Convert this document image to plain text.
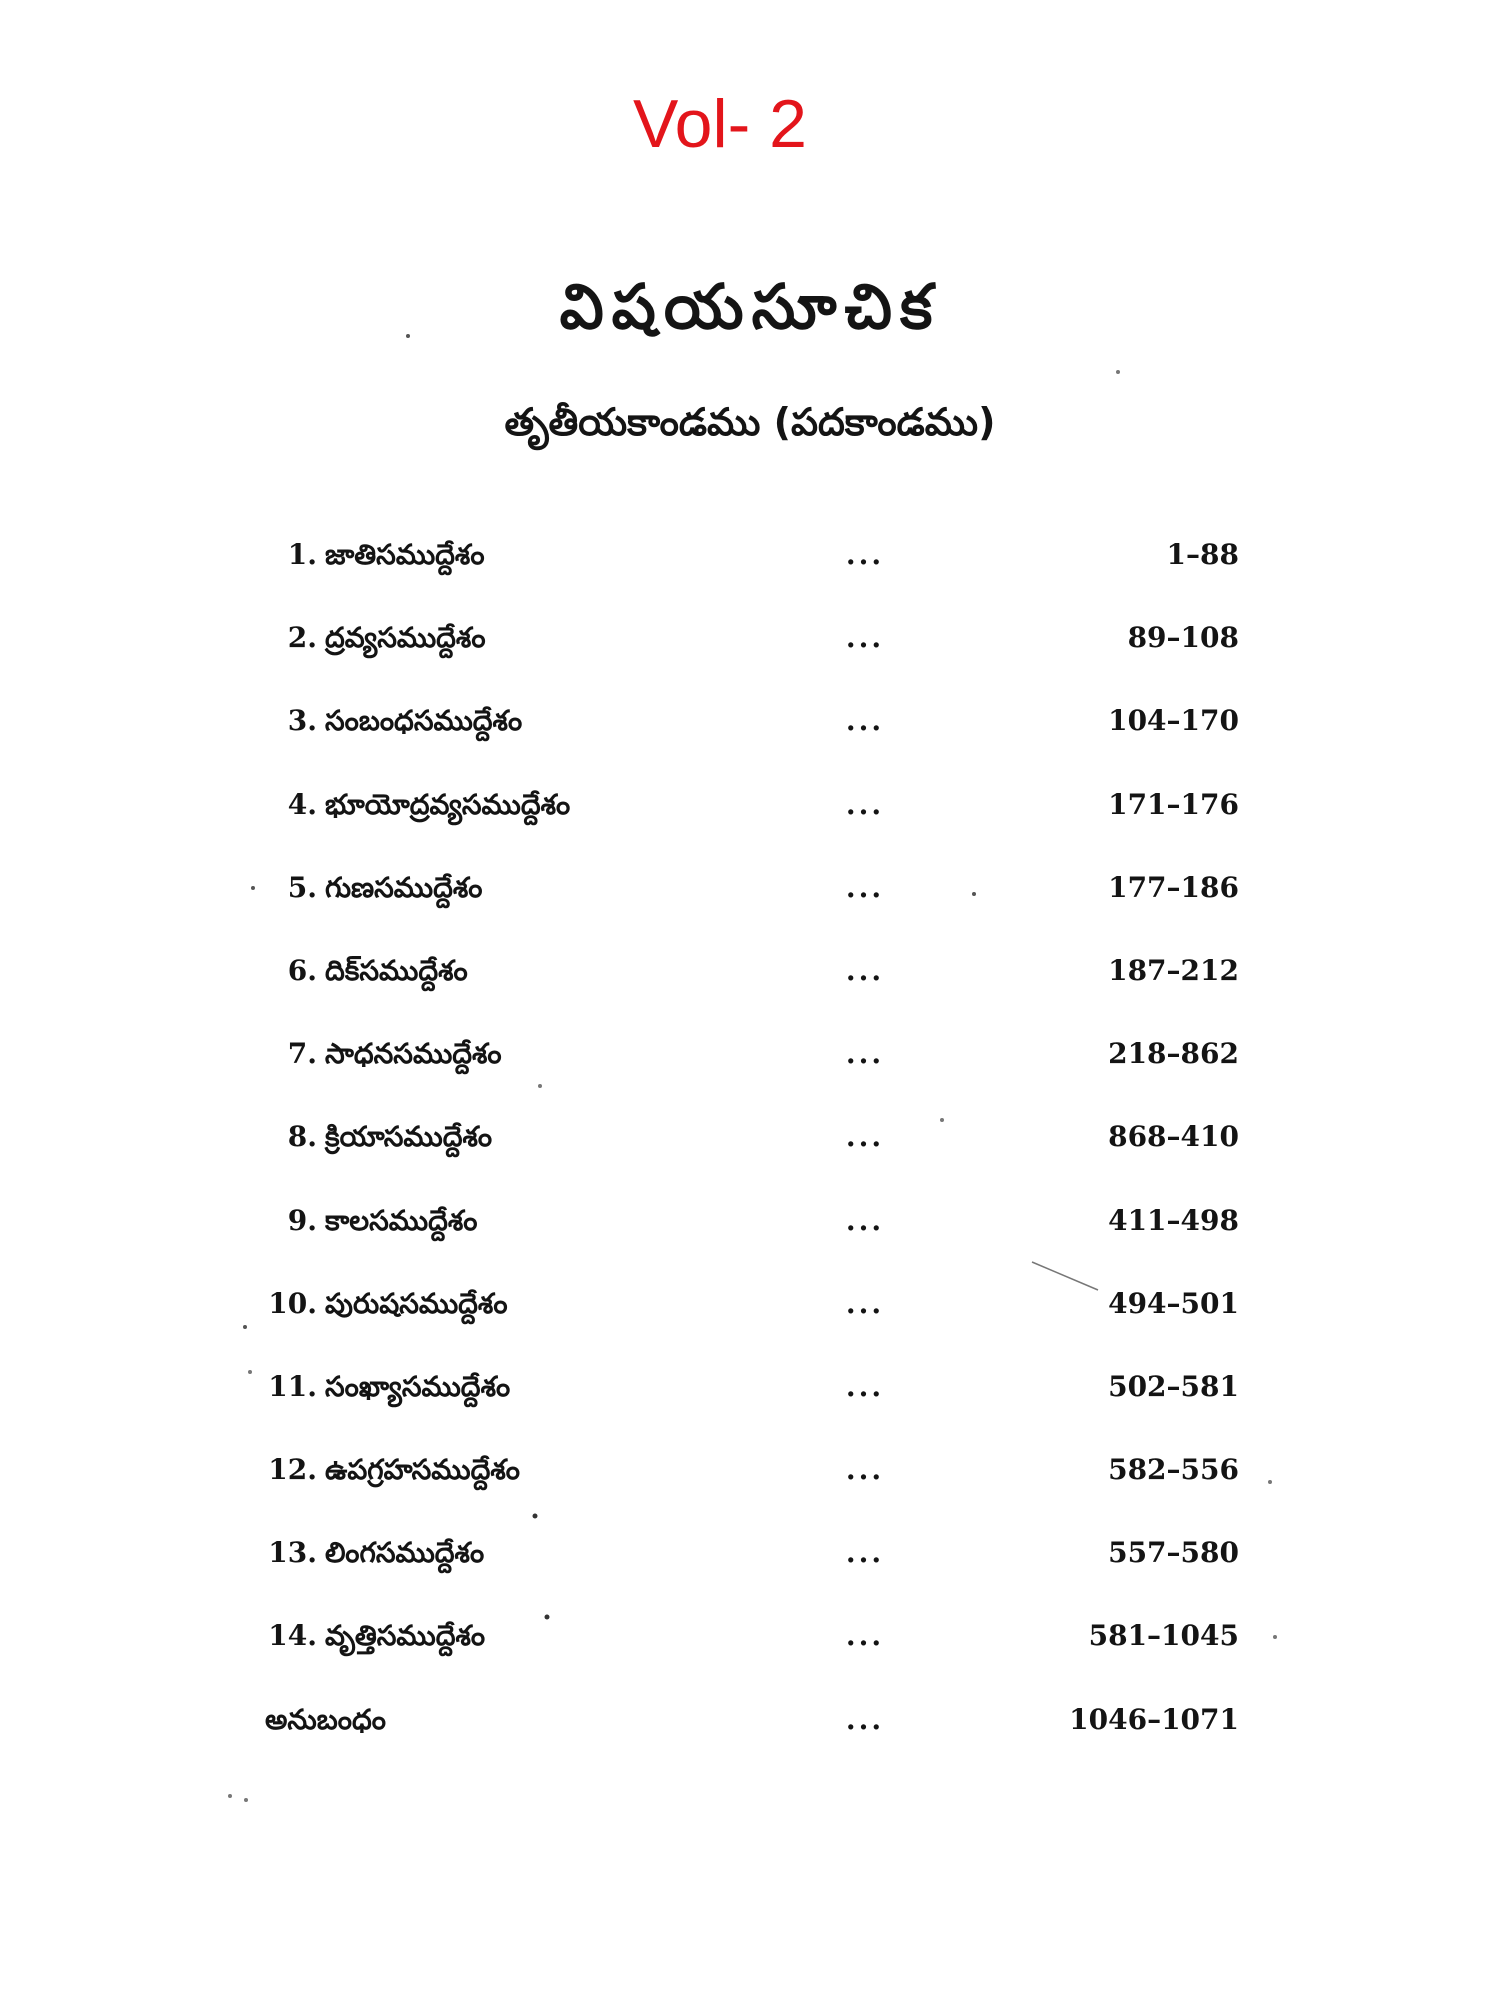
Vol- 2
విషయసూచిక
తృతీయకాండము (పదకాండము)
1. జాతిసముద్దేశం	...	1–88
2. ద్రవ్యసముద్దేశం	...	89–108
3. సంబంధసముద్దేశం	...	104–170
4. భూయోద్రవ్యసముద్దేశం	...	171–176
5. గుణసముద్దేశం	...	177–186
6. దిక్‌సముద్దేశం	...	187–212
7. సాధనసముద్దేశం	...	218–862
8. క్రియాసముద్దేశం	...	868–410
9. కాలసముద్దేశం	...	411–498
10. పురుషసముద్దేశం	...	494–501
11. సంఖ్యాసముద్దేశం	...	502–581
12. ఉపగ్రహసముద్దేశం	...	582–556
13. లింగసముద్దేశం	...	557–580
14. వృత్తిసముద్దేశం	...	581–1045
అనుబంధం	...	1046–1071
